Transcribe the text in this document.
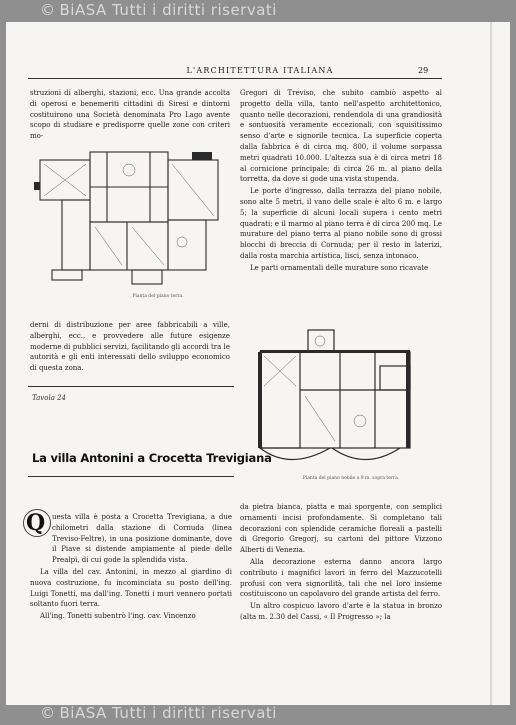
© BiASA Tutti i diritti riservati
L'ARCHITETTURA ITALIANA	29

struzioni di alberghi, stazioni, ecc. Una grande accolta di operosi e benemeriti cittadini di Siresi e dintorni costituirono una Società denominata Pro Lago avente scopo di studiare e predisporre quelle zone con criteri mo-

Pianta del piano terra.

derni di distribuzione per aree fabbricabili a ville, alberghi, ecc., e provvedere alle future esigenze moderne di pubblici servizi, facilitando gli accordi tra le autorità e gli enti interessati dello sviluppo economico di questa zona.

Tavola 24

Gregori di Treviso, che subito cambiò aspetto al progetto della villa, tanto nell'aspetto architettonico, quanto nelle decorazioni, rendendola di una grandiosità e sontuosità veramente eccezionali, con squisitissimo senso d'arte e signorile tecnica. La superficie coperta dalla fabbrica è di circa mq. 800, il volume sorpassa metri quadrati 10.000. L'altezza sua è di circa metri 18 al cornicione principale; di circa 26 m. al piano della torretta, da dove si gode una vista stupenda.

Le porte d'ingresso, dalla terrazza del piano nobile, sono alte 5 metri, il vano delle scale è alto 6 m. e largo 5; la superficie di alcuni locali supera i cento metri quadrati; e il marmo al piano terra è di circa 200 mq. Le murature del piano terra al piano nobile sono di grossi blocchi di breccia di Cornuda; per il resto in laterizi, dalla rosta marchia artistica, lisci, senza intonaco.

Le parti ornamentali delle murature sono ricavate

Pianta del piano nobile a 9 m. sopra terra.
La villa Antonini a Crocetta Trevigiana
Q uesta villa è posta a Crocetta Trevigiana, a due chilometri dalla stazione di Cornuda (linea Treviso-Feltre), in una posizione dominante, dove il Piave si distende ampiamente al piede delle Prealpi, di cui gode la splendida vista.

La villa del cav. Antonini, in mezzo al giardino di nuova costruzione, fu incominciata su posto dell'ing. Luigi Tonetti, ma dall'ing. Tonetti i muri vennero portati soltanto fuori terra.

All'ing. Tonetti subentrò l'ing. cav. Vincenzo

da pietra bianca, piatta e mai sporgente, con semplici ornamenti incisi profondamente. Si completano tali decorazioni con splendide ceramiche floreali a pastelli di Gregorio Gregorj, su cartoni del pittore Vizzono Alberti di Venezia.

Alla decorazione esterna danno ancora largo contributo i magnifici lavori in ferro del Mazzucotelli profusi con vera signorilità, tali che nel loro insieme costituiscono un capolavoro del grande artista del ferro.

Un altro cospicuo lavoro d'arte è la statua in bronzo (alta m. 2.30 del Cassi, « Il Progresso »; la

© BiASA Tutti i diritti riservati
